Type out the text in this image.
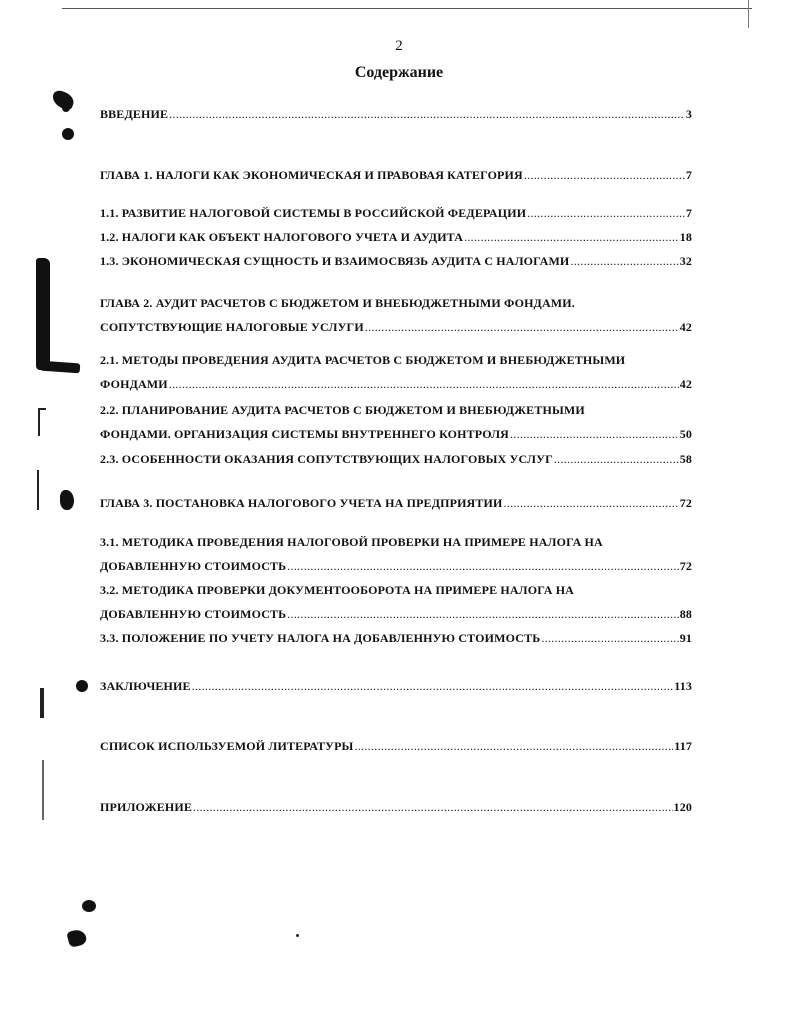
2
Содержание
ВВЕДЕНИЕ .....	3
ГЛАВА 1. НАЛОГИ КАК ЭКОНОМИЧЕСКАЯ И ПРАВОВАЯ КАТЕГОРИЯ .....	7
1.1. РАЗВИТИЕ НАЛОГОВОЙ СИСТЕМЫ В РОССИЙСКОЙ ФЕДЕРАЦИИ .....	7
1.2. НАЛОГИ КАК ОБЪЕКТ НАЛОГОВОГО УЧЕТА И АУДИТА .....	18
1.3. ЭКОНОМИЧЕСКАЯ СУЩНОСТЬ И ВЗАИМОСВЯЗЬ АУДИТА С НАЛОГАМИ .....	32
ГЛАВА 2. АУДИТ РАСЧЕТОВ С БЮДЖЕТОМ И ВНЕБЮДЖЕТНЫМИ ФОНДАМИ.
СОПУТСТВУЮЩИЕ НАЛОГОВЫЕ УСЛУГИ .....	42
2.1. МЕТОДЫ ПРОВЕДЕНИЯ АУДИТА РАСЧЕТОВ С БЮДЖЕТОМ И ВНЕБЮДЖЕТНЫМИ
ФОНДАМИ .....	42
2.2. ПЛАНИРОВАНИЕ АУДИТА РАСЧЕТОВ С БЮДЖЕТОМ И ВНЕБЮДЖЕТНЫМИ
ФОНДАМИ. ОРГАНИЗАЦИЯ СИСТЕМЫ ВНУТРЕННЕГО КОНТРОЛЯ .....	50
2.3. ОСОБЕННОСТИ ОКАЗАНИЯ СОПУТСТВУЮЩИХ НАЛОГОВЫХ УСЛУГ .....	58
ГЛАВА 3. ПОСТАНОВКА НАЛОГОВОГО УЧЕТА НА ПРЕДПРИЯТИИ .....	72
3.1. МЕТОДИКА ПРОВЕДЕНИЯ НАЛОГОВОЙ ПРОВЕРКИ НА ПРИМЕРЕ НАЛОГА НА
ДОБАВЛЕННУЮ СТОИМОСТЬ .....	72
3.2. МЕТОДИКА ПРОВЕРКИ ДОКУМЕНТООБОРОТА НА ПРИМЕРЕ НАЛОГА НА
ДОБАВЛЕННУЮ СТОИМОСТЬ .....	88
3.3. ПОЛОЖЕНИЕ ПО УЧЕТУ НАЛОГА НА ДОБАВЛЕННУЮ СТОИМОСТЬ .....	91
ЗАКЛЮЧЕНИЕ .....	113
СПИСОК ИСПОЛЬЗУЕМОЙ ЛИТЕРАТУРЫ .....	117
ПРИЛОЖЕНИЕ .....	120
